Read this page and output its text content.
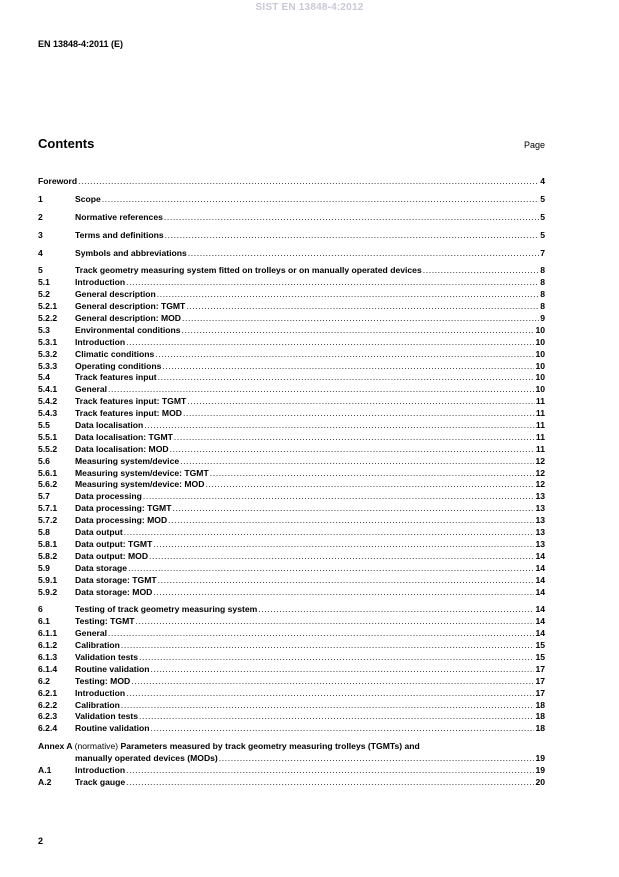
SIST EN 13848-4:2012
EN 13848-4:2011 (E)
Contents	Page
Foreword .....	4
1	Scope .....	5
2	Normative references .....	5
3	Terms and definitions .....	5
4	Symbols and abbreviations .....	7
5	Track geometry measuring system fitted on trolleys or on manually operated devices .....	8
5.1	Introduction .....	8
5.2	General description .....	8
5.2.1	General description: TGMT .....	8
5.2.2	General description: MOD .....	9
5.3	Environmental conditions .....	10
5.3.1	Introduction .....	10
5.3.2	Climatic conditions .....	10
5.3.3	Operating conditions .....	10
5.4	Track features input .....	10
5.4.1	General .....	10
5.4.2	Track features input: TGMT .....	11
5.4.3	Track features input: MOD .....	11
5.5	Data localisation .....	11
5.5.1	Data localisation: TGMT .....	11
5.5.2	Data localisation: MOD .....	11
5.6	Measuring system/device .....	12
5.6.1	Measuring system/device: TGMT .....	12
5.6.2	Measuring system/device: MOD .....	12
5.7	Data processing .....	13
5.7.1	Data processing: TGMT .....	13
5.7.2	Data processing: MOD .....	13
5.8	Data output .....	13
5.8.1	Data output: TGMT .....	13
5.8.2	Data output: MOD .....	14
5.9	Data storage .....	14
5.9.1	Data storage: TGMT .....	14
5.9.2	Data storage: MOD .....	14
6	Testing of track geometry measuring system .....	14
6.1	Testing: TGMT .....	14
6.1.1	General .....	14
6.1.2	Calibration .....	15
6.1.3	Validation tests .....	15
6.1.4	Routine validation .....	17
6.2	Testing: MOD .....	17
6.2.1	Introduction .....	17
6.2.2	Calibration .....	18
6.2.3	Validation tests .....	18
6.2.4	Routine validation .....	18
Annex A (normative) Parameters measured by track geometry measuring trolleys (TGMTs) and
manually operated devices (MODs) .....	19
A.1	Introduction .....	19
A.2	Track gauge .....	20
2
